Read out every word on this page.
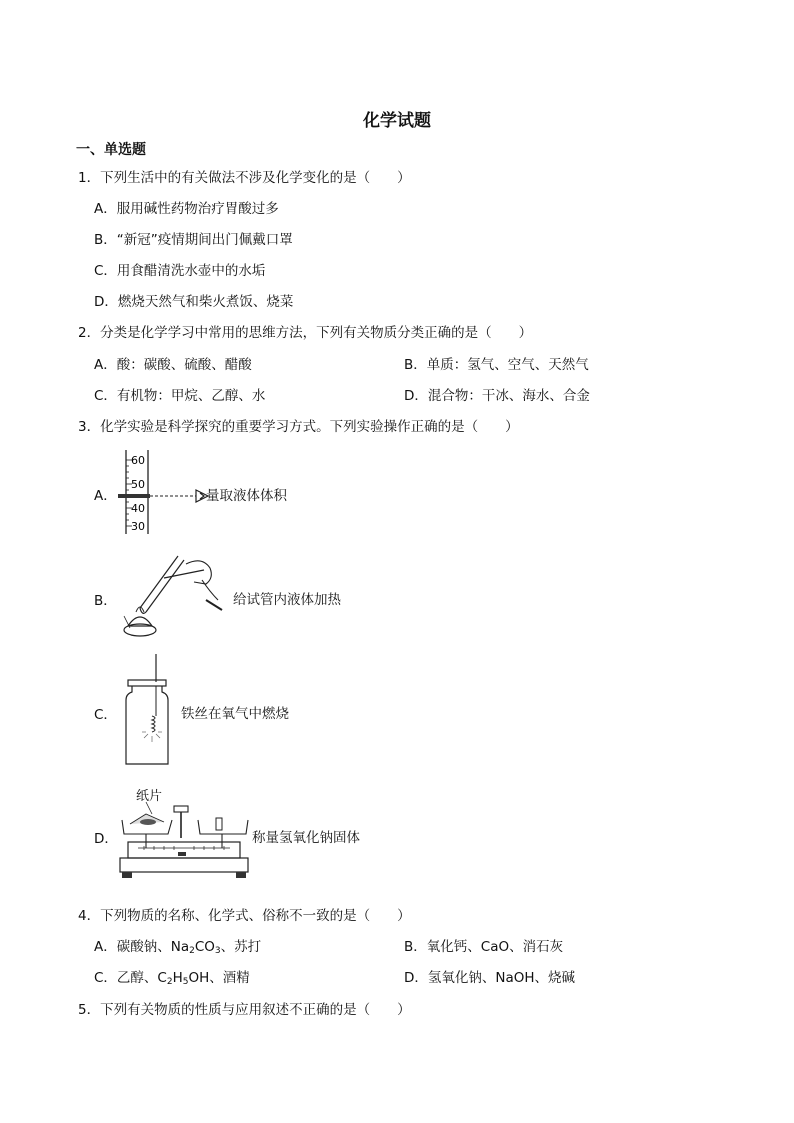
化学试题
一、单选题
1．下列生活中的有关做法不涉及化学变化的是（　　）
A．服用碱性药物治疗胃酸过多
B．“新冠”疫情期间出门佩戴口罩
C．用食醋清洗水壶中的水垢
D．燃烧天然气和柴火煮饭、烧菜
2．分类是化学学习中常用的思维方法，下列有关物质分类正确的是（　　）
A．酸：碳酸、硫酸、醋酸	B．单质：氢气、空气、天然气
C．有机物：甲烷、乙醇、水	D．混合物：干冰、海水、合金
3．化学实验是科学探究的重要学习方式。下列实验操作正确的是（　　）
A．
60
50
40
30
量取液体体积
B．	给试管内液体加热
C．	铁丝在氧气中燃烧
D．
纸片
称量氢氧化钠固体
4．下列物质的名称、化学式、俗称不一致的是（　　）
A．碳酸钠、$Na_2CO_3$、苏打	B．氧化钙、CaO、消石灰
C．乙醇、$C_2H_5OH$、酒精	D．氢氧化钠、NaOH、烧碱
5．下列有关物质的性质与应用叙述不正确的是（　　）
